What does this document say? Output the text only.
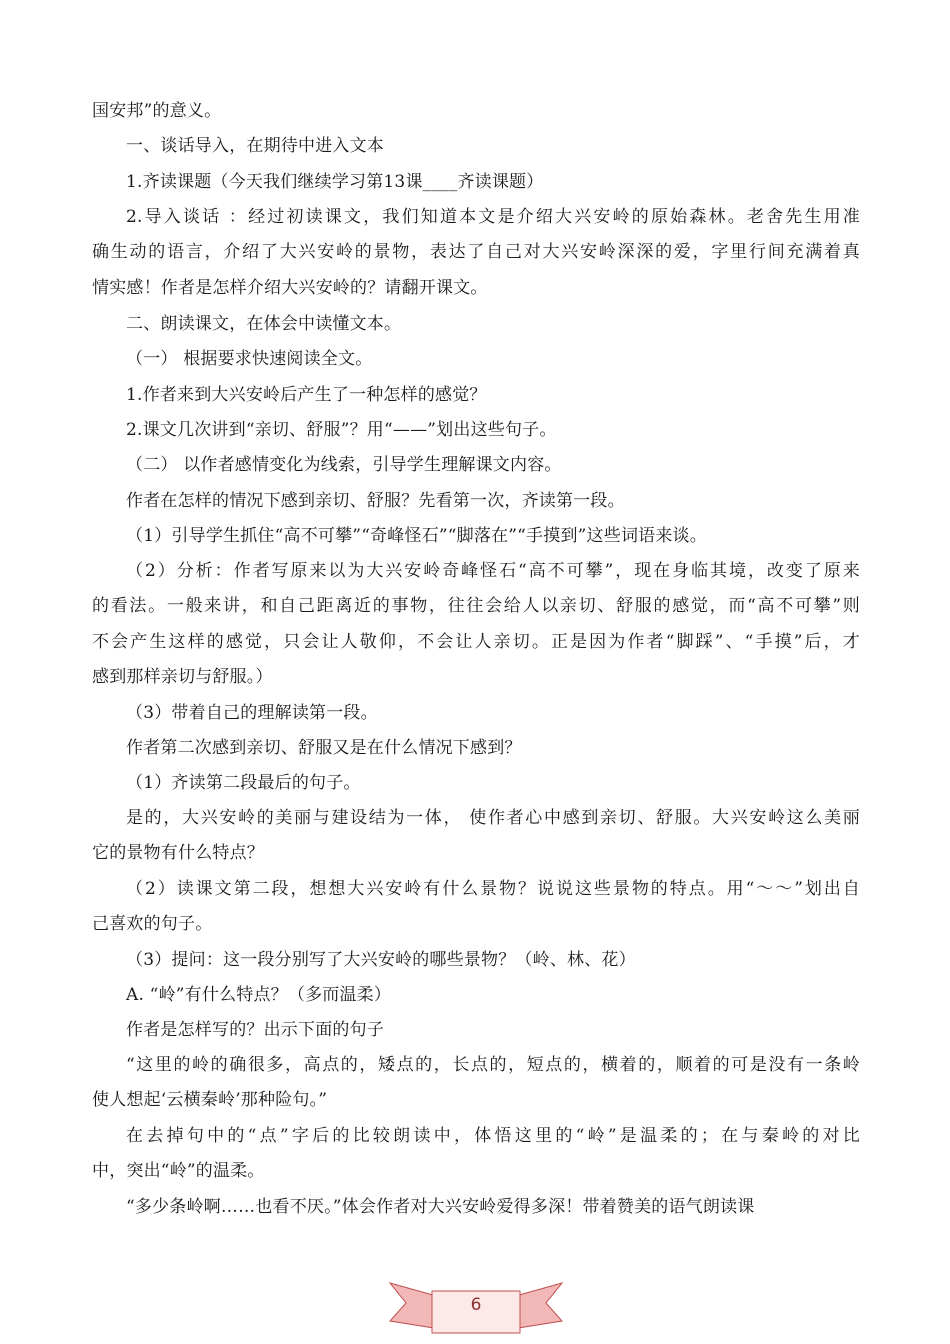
国安邦”的意义。

一、谈话导入，在期待中进入文本

1.齐读课题（今天我们继续学习第13课____齐读课题）

2.导入谈话 ：经过初读课文，我们知道本文是介绍大兴安岭的原始森林。老舍先生用准
确生动的语言，介绍了大兴安岭的景物，表达了自己对大兴安岭深深的爱，字里行间充满着真
情实感！作者是怎样介绍大兴安岭的？请翻开课文。

二、朗读课文，在体会中读懂文本。

（一） 根据要求快速阅读全文。

1.作者来到大兴安岭后产生了一种怎样的感觉？

2.课文几次讲到“亲切、舒服”？用“——”划出这些句子。

（二） 以作者感情变化为线索，引导学生理解课文内容。

作者在怎样的情况下感到亲切、舒服？先看第一次，齐读第一段。

（1）引导学生抓住“高不可攀”“奇峰怪石”“脚落在”“手摸到”这些词语来谈。

（2）分析：作者写原来以为大兴安岭奇峰怪石“高不可攀”，现在身临其境，改变了原来
的看法。一般来讲，和自己距离近的事物，往往会给人以亲切、舒服的感觉，而“高不可攀”则
不会产生这样的感觉，只会让人敬仰，不会让人亲切。正是因为作者“脚踩”、“手摸”后，才
感到那样亲切与舒服。）

（3）带着自己的理解读第一段。

作者第二次感到亲切、舒服又是在什么情况下感到？

（1）齐读第二段最后的句子。

是的，大兴安岭的美丽与建设结为一体， 使作者心中感到亲切、舒服。大兴安岭这么美丽
它的景物有什么特点？

（2）读课文第二段，想想大兴安岭有什么景物？说说这些景物的特点。用“～～”划出自
己喜欢的句子。

（3）提问：这一段分别写了大兴安岭的哪些景物？（岭、林、花）

A. “岭”有什么特点？（多而温柔）

作者是怎样写的？出示下面的句子

“这里的岭的确很多，高点的，矮点的，长点的，短点的，横着的，顺着的可是没有一条岭
使人想起‘云横秦岭’那种险句。”

在去掉句中的“点”字后的比较朗读中，体悟这里的“岭”是温柔的；在与秦岭的对比
中，突出“岭”的温柔。

“多少条岭啊……也看不厌。”体会作者对大兴安岭爱得多深！带着赞美的语气朗读课

6
